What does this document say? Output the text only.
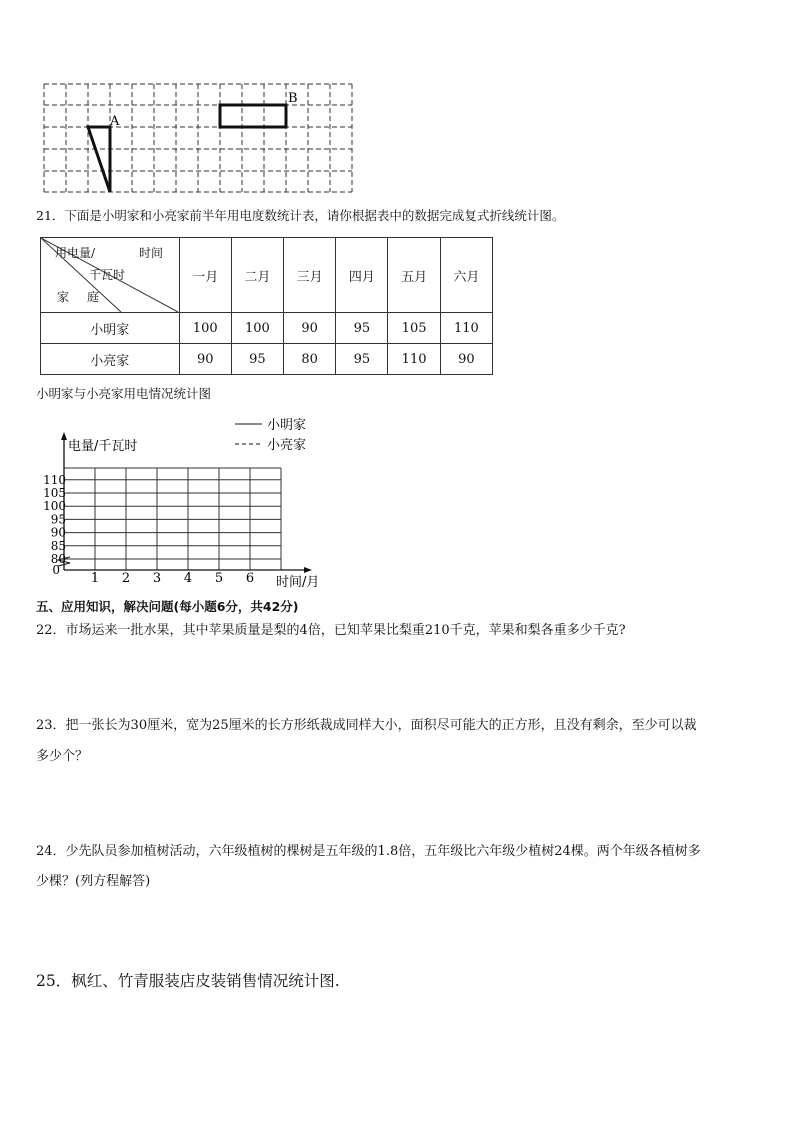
A
B
21．下面是小明家和小亮家前半年用电度数统计表，请你根据表中的数据完成复式折线统计图。
用电量/ 时间
千瓦时
家 庭	一月	二月	三月	四月	五月	六月
小明家	100	100	90	95	105	110
小亮家	90	95	80	95	110	90
小明家与小亮家用电情况统计图
80
85
90
95
100
105
110
0
1 2 3 4 5 6
电量/千瓦时
时间/月
小明家
小亮家
五、应用知识，解决问题(每小题6分，共42分)
22．市场运来一批水果，其中苹果质量是梨的4倍，已知苹果比梨重210千克，苹果和梨各重多少千克?
23．把一张长为30厘米，宽为25厘米的长方形纸裁成同样大小，面积尽可能大的正方形，且没有剩余，至少可以裁
多少个？
24．少先队员参加植树活动，六年级植树的棵树是五年级的1.8倍，五年级比六年级少植树24棵。两个年级各植树多
少棵？(列方程解答)
25．枫红、竹青服装店皮装销售情况统计图.
